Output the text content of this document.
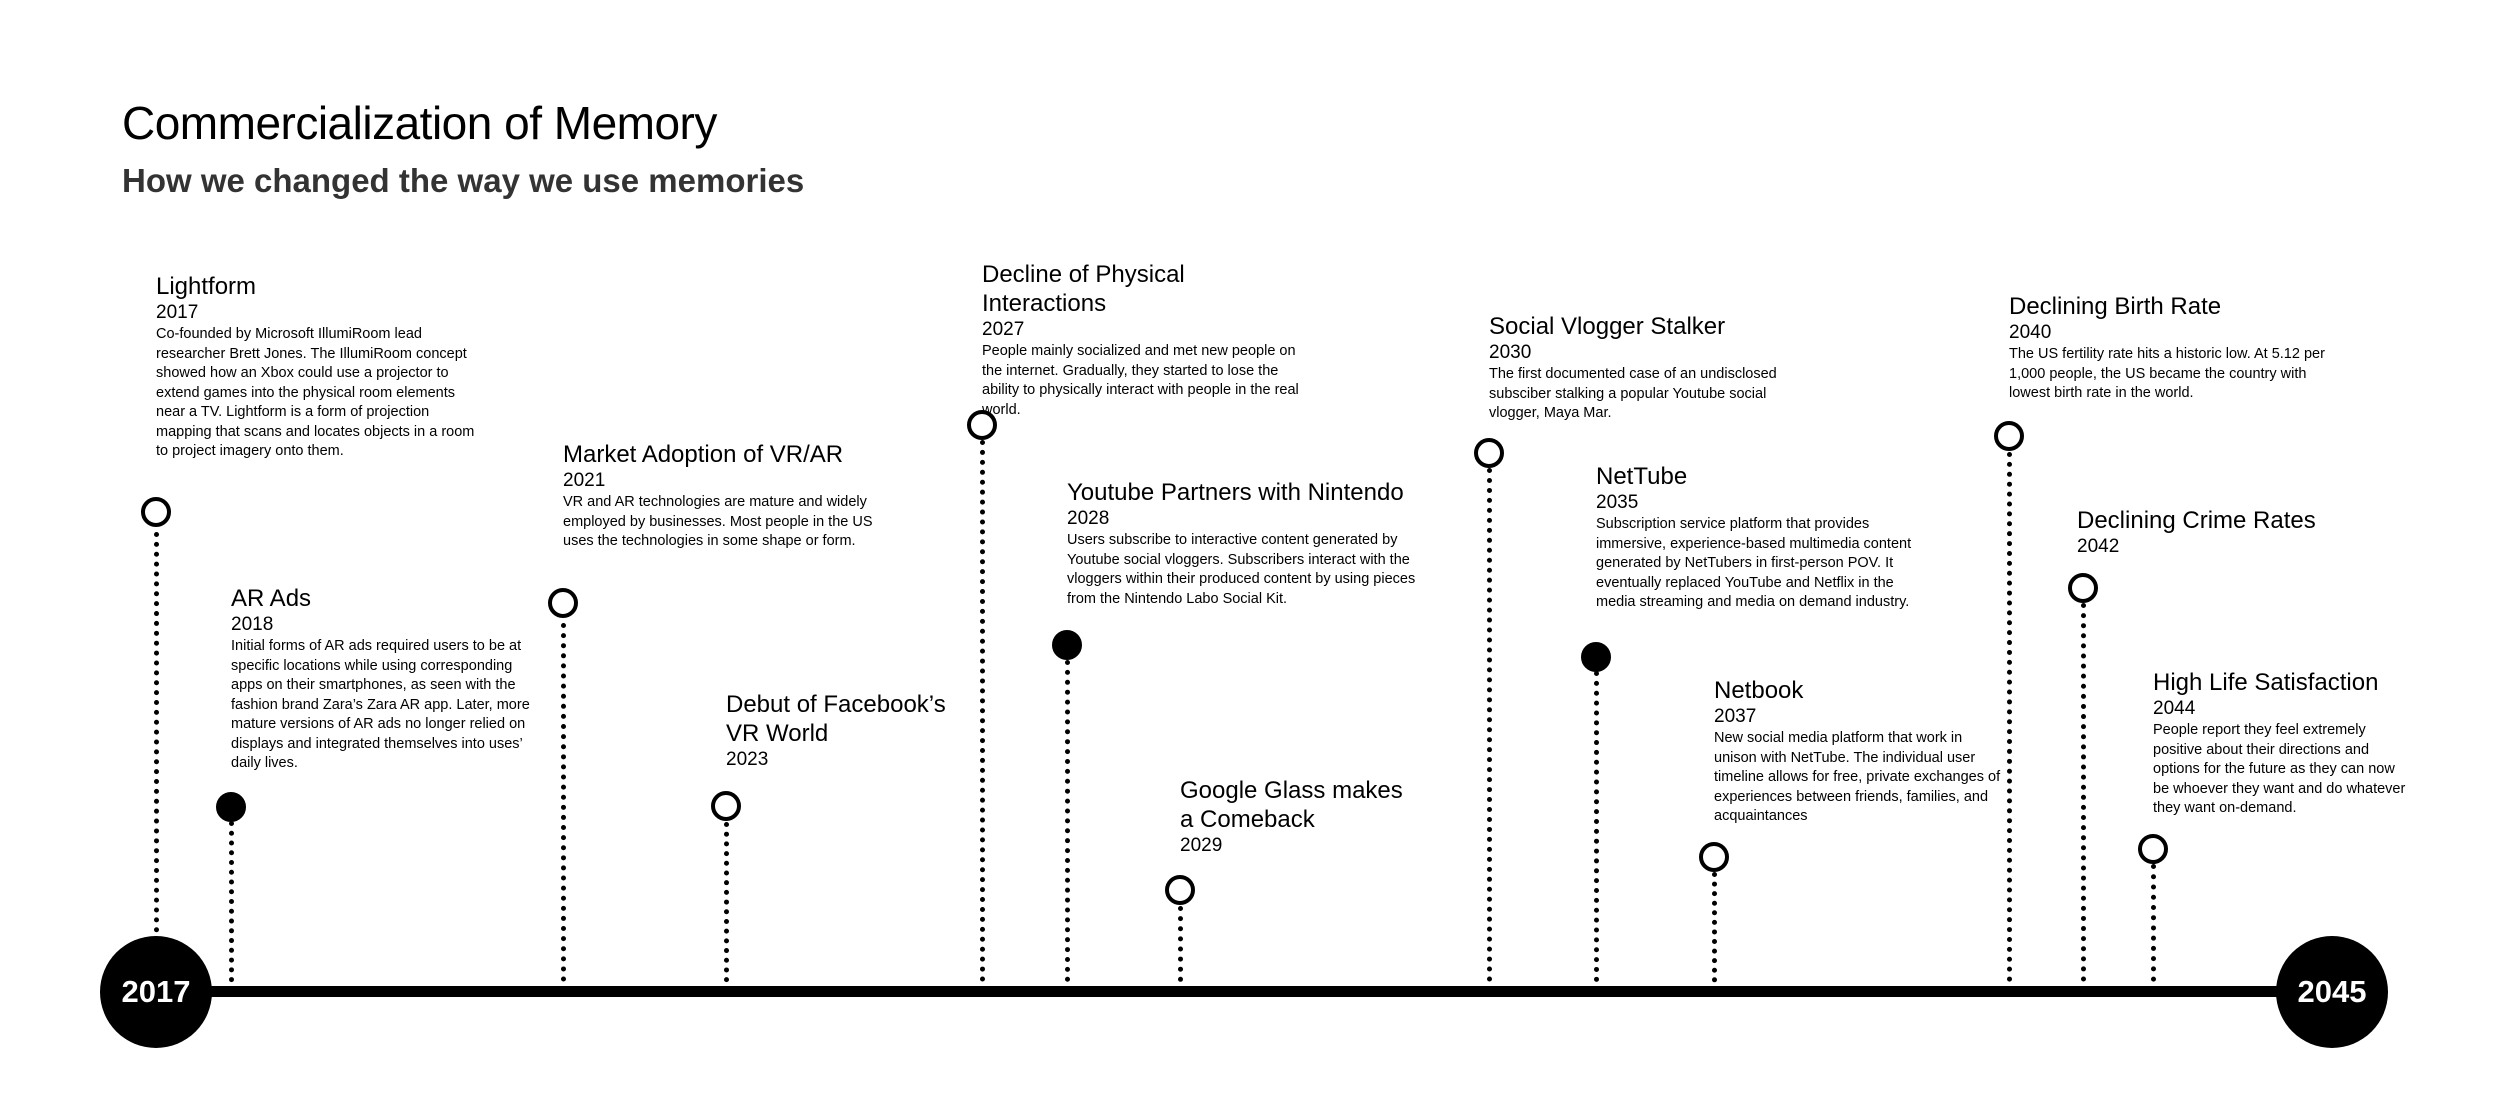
Commercialization of Memory
How we changed the way we use memories
2017	2045

Lightform

2017

Co-founded by Microsoft IllumiRoom lead researcher Brett Jones. The IllumiRoom concept showed how an Xbox could use a projector to extend games into the physical room elements near a TV. Lightform is a form of projection mapping that scans and locates objects in a room to project imagery onto them.

AR Ads

2018

Initial forms of AR ads required users to be at specific locations while using corresponding apps on their smartphones, as seen with the fashion brand Zara’s Zara AR app. Later, more mature versions of AR ads no longer relied on displays and integrated themselves into uses’ daily lives.

Market Adoption of VR/AR

2021

VR and AR technologies are mature and widely employed by businesses. Most people in the US uses the technologies in some shape or form.

Debut of Facebook’s VR World

2023

Decline of Physical Interactions

2027

People mainly socialized and met new people on the internet. Gradually, they started to lose the ability to physically interact with people in the real world.

Youtube Partners with Nintendo

2028

Users subscribe to interactive content generated by Youtube social vloggers. Subscribers interact with the vloggers within their produced content by using pieces from the Nintendo Labo Social Kit.

Google Glass makes a Comeback

2029

Social Vlogger Stalker

2030

The first documented case of an undisclosed subsciber stalking a popular Youtube social vlogger, Maya Mar.

NetTube

2035

Subscription service platform that provides immersive, experience-based multimedia content generated by NetTubers in first-person POV. It eventually replaced YouTube and Netflix in the media streaming and media on demand industry.

Netbook

2037

New social media platform that work in unison with NetTube. The individual user timeline allows for free, private exchanges of experiences between friends, families, and acquaintances

Declining Birth Rate

2040

The US fertility rate hits a historic low. At 5.12 per 1,000 people, the US became the country with lowest birth rate in the world.

Declining Crime Rates

2042

High Life Satisfaction

2044

People report they feel extremely positive about their directions and options for the future as they can now be whoever they want and do whatever they want on-demand.
